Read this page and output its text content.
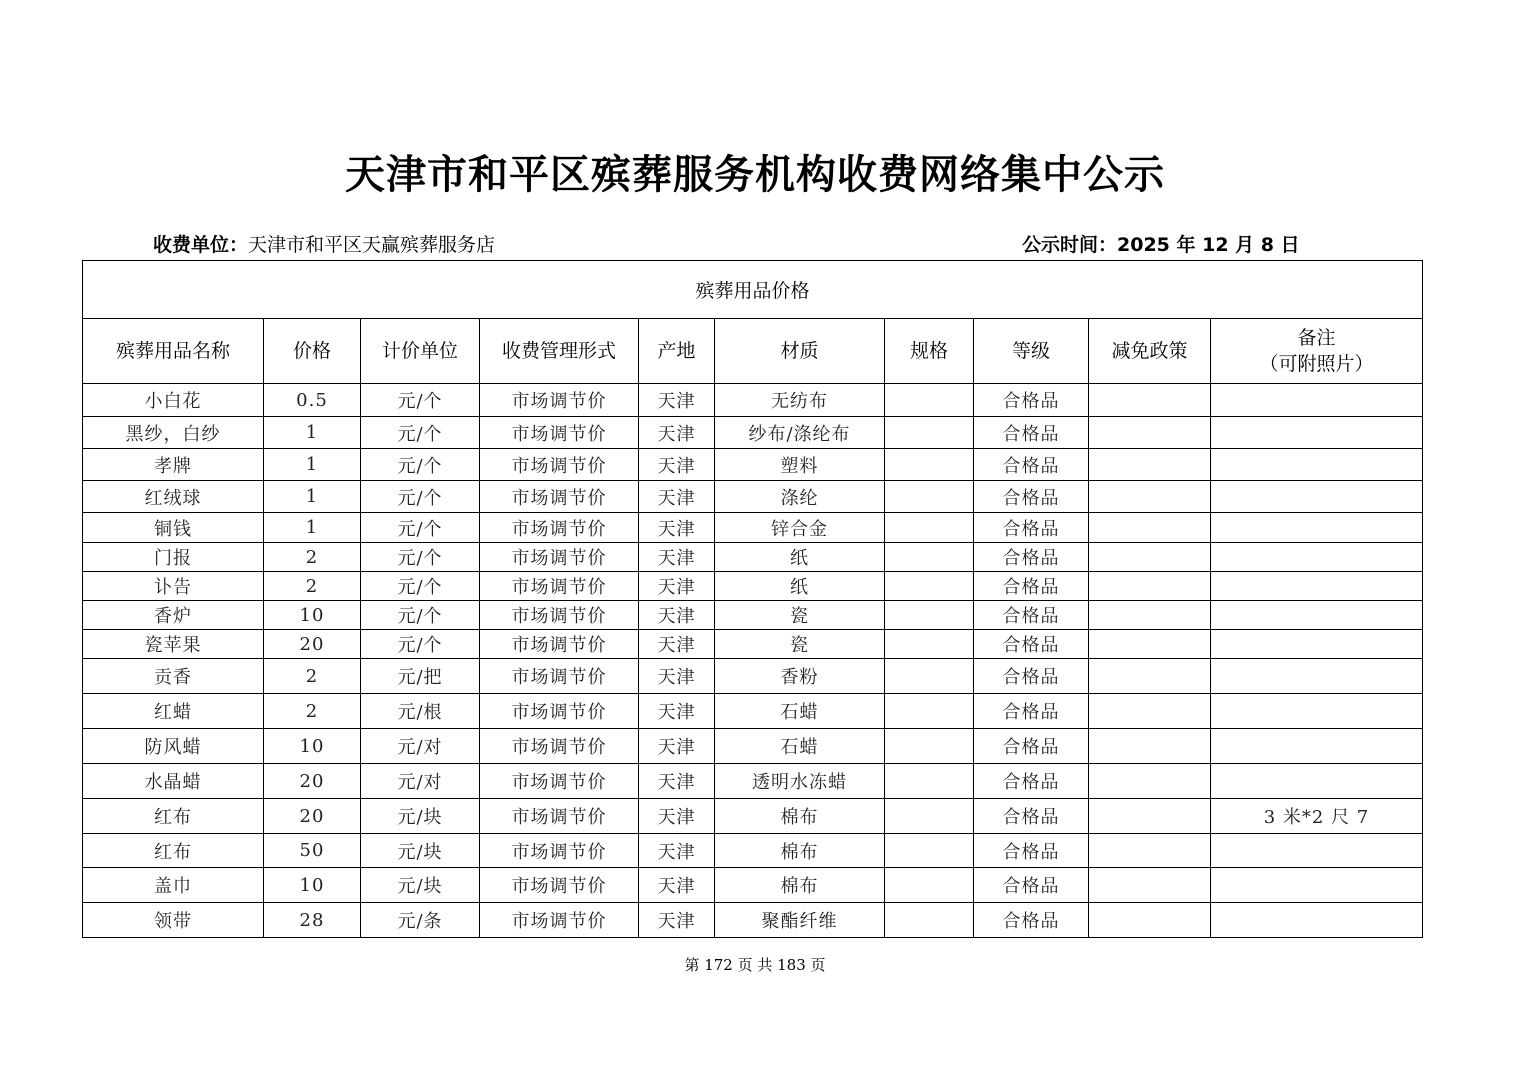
天津市和平区殡葬服务机构收费网络集中公示
收费单位：天津市和平区天赢殡葬服务店	公示时间：2025 年 12 月 8 日
殡葬用品价格									
殡葬用品名称	价格	计价单位	收费管理形式	产地	材质	规格	等级	减免政策	备注
（可附照片）
小白花	0.5	元/个	市场调节价	天津	无纺布		合格品		
黑纱，白纱	1	元/个	市场调节价	天津	纱布/涤纶布		合格品		
孝牌	1	元/个	市场调节价	天津	塑料		合格品		
红绒球	1	元/个	市场调节价	天津	涤纶		合格品		
铜钱	1	元/个	市场调节价	天津	锌合金		合格品		
门报	2	元/个	市场调节价	天津	纸		合格品		
讣告	2	元/个	市场调节价	天津	纸		合格品		
香炉	10	元/个	市场调节价	天津	瓷		合格品		
瓷苹果	20	元/个	市场调节价	天津	瓷		合格品		
贡香	2	元/把	市场调节价	天津	香粉		合格品		
红蜡	2	元/根	市场调节价	天津	石蜡		合格品		
防风蜡	10	元/对	市场调节价	天津	石蜡		合格品		
水晶蜡	20	元/对	市场调节价	天津	透明水冻蜡		合格品		
红布	20	元/块	市场调节价	天津	棉布		合格品		3 米*2 尺 7
红布	50	元/块	市场调节价	天津	棉布		合格品		
盖巾	10	元/块	市场调节价	天津	棉布		合格品		
领带	28	元/条	市场调节价	天津	聚酯纤维		合格品		
第 172 页 共 183 页
